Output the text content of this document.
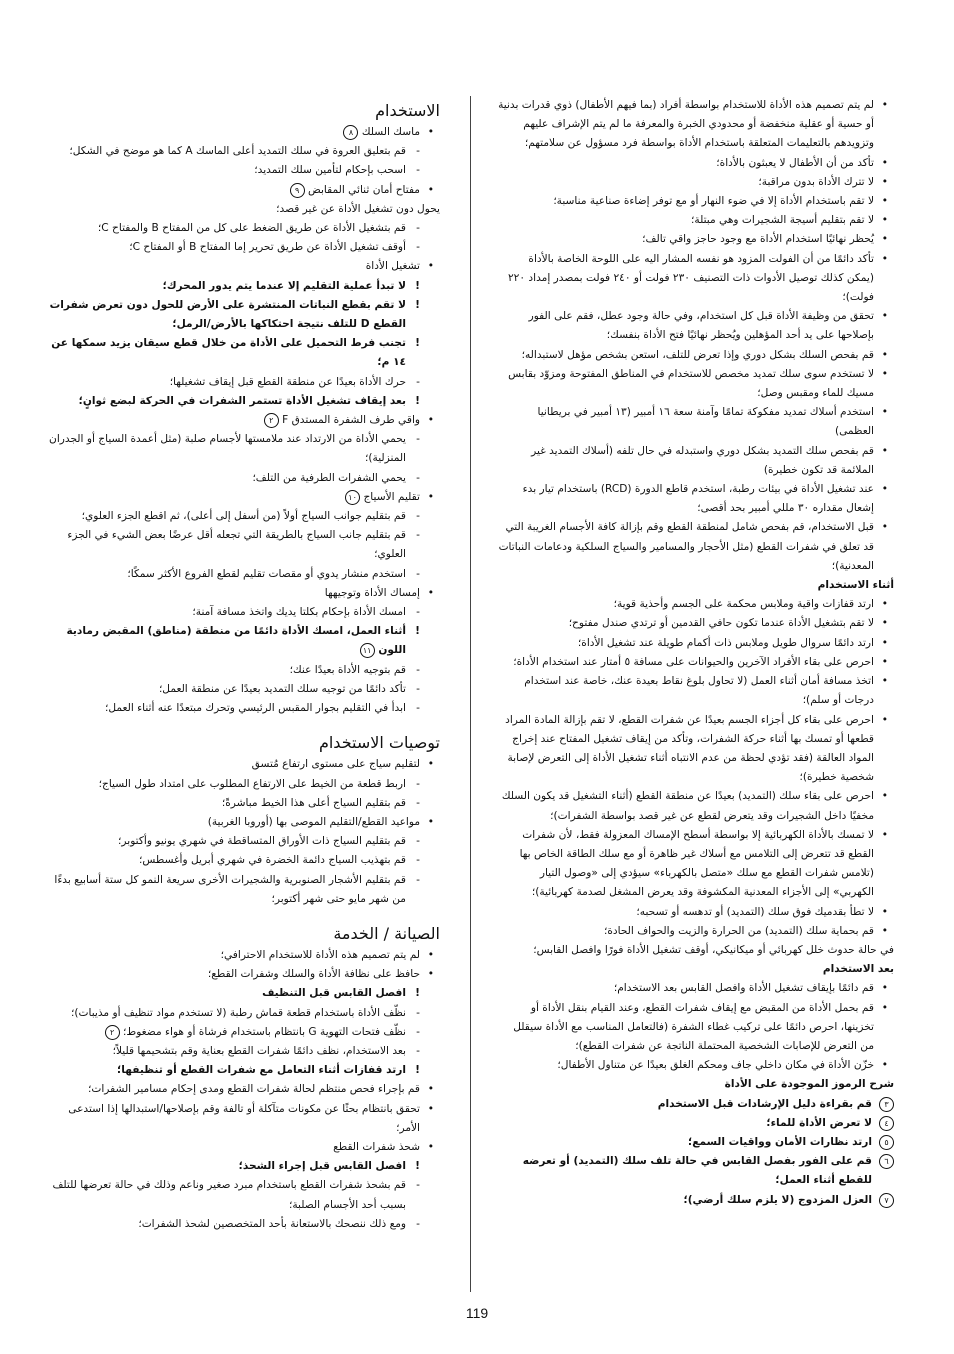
• لم يتم تصميم هذه الأداة للاستخدام بواسطة أفراد (بما فيهم الأطفال) ذوي قدرات بدنية أو حسية أو عقلية منخفضة أو محدودي الخبرة والمعرفة ما لم يتم الإشراف عليهم وتزويدهم بالتعليمات المتعلقة باستخدام الأداة بواسطة فرد مسؤول عن سلامتهم؛
• تأكد من أن الأطفال لا يعبثون بالأداة؛
• لا تترك الأداة بدون مراقبة؛
• لا تقم باستخدام الأداة إلا في ضوء النهار أو مع توفر إضاءة صناعية مناسبة؛
• لا تقم بتقليم أسيجة الشجيرات وهي مبتلة؛
• يُحظر نهائيًا استخدام الأداة مع وجود حاجز واقي تالف؛
• تأكد دائمًا من أن الفولت المزود هو نفسه المشار اليه على اللوحة الخاصة بالأداة (يمكن كذلك توصيل الأدوات ذات التصنيف ٢٣٠ فولت أو ٢٤٠ فولت بمصدر إمداد ٢٢٠ فولت)؛
• تحقق من وظيفة الأداة قبل كل استخدام، وفي حالة وجود عطل، فقم على الفور بإصلاحها على يد أحد المؤهلين ويُحظر نهائيًا فتح الأداة بنفسك؛
• قم بفحص السلك بشكل دوري وإذا تعرض للتلف، استعن بشخص مؤهل لاستبداله؛
• لا تستخدم سوى سلك تمديد مخصص للاستخدام في المناطق المفتوحة ومزوّد بقابس مسيك للماء ومقبس وصل؛
• استخدم أسلاك تمديد مفكوكة تمامًا وآمنة سعة ١٦ أمبير (١٣ أمبير في بريطانيا العظمى)
• قم بفحص سلك التمديد بشكل دوري واستبدله في حال تلفه (أسلاك التمديد غير الملائمة قد تكون خطيرة)
• عند تشغيل الأداة في بيئات رطبة، استخدم قاطع الدورة (RCD) باستخدام تيار بدء إشعال مقداره ٣٠ مللي أمبير بحد أقصى؛
• قبل الاستخدام، قم بفحص شامل لمنطقة القطع وقم بإزالة كافة الأجسام الغريبة التي قد تعلق في شفرات القطع (مثل الأحجار والمسامير والسياج السلكية ودعامات النباتات المعدنية)؛
أثناء الاستخدام
• ارتد قفازات واقية وملابس محكمة على الجسم وأحذية قوية؛
• لا تقم بتشغيل الأداة عندما تكون حافي القدمين أو ترتدي صندل مفتوح؛
• ارتد دائمًا سروال طويل وملابس ذات أكمام طويلة عند تشغيل الأداة؛
• احرص على بقاء الأفراد الآخرين والحيوانات على مسافة ٥ أمتار عند استخدام الأداة؛
• اتخذ مسافة أمان أثناء العمل (لا تحاول بلوغ نقاط بعيدة عنك، خاصة عند استخدام درجات أو سلم)؛
• احرص على بقاء كل أجزاء الجسم بعيدًا عن شفرات القطع، لا تقم بإزالة المادة المراد قطعها أو تمسك بها أثناء حركة الشفرات، وتأكد من إيقاف تشغيل المفتاح عند إخراج المواد العالقة (فقد تؤدي لحظة من عدم الانتباه أثناء تشغيل الأداة إلى التعرض لإصابة شخصية خطيرة)؛
• احرص على بقاء سلك (التمديد) بعيدًا عن منطقة القطع (أثناء التشغيل قد يكون السلك مخفيًا داخل الشجيرات وقد يتعرض لقطع عن غير قصد بواسطة الشفرات)؛
• لا تمسك بالأداة الكهربائية إلا بواسطة أسطح الإمساك المعزولة فقط، لأن شفرات القطع قد تتعرض إلى التلامس مع أسلاك غير ظاهرة أو مع سلك الطاقة الخاص بها (تلامس شفرات القطع مع سلك «متصل بالكهرباء» سيؤدي إلى «وصول التيار الكهربي» إلى الأجزاء المعدنية المكشوفة وقد يعرض المشغل لصدمة كهربائية)؛
• لا تطأ بقدميك فوق سلك (التمديد) أو تدهسه أو تسحبه؛
• قم بحماية سلك (التمديد) من الحرارة والزيت والحواف الحادة؛
في حالة حدوث خلل كهربائي أو ميكانيكي، أوقف تشغيل الأداة فورًا وافصل القابس؛
بعد الاستخدام
• قم دائمًا بإيقاف تشغيل الأداة وافصل القابس بعد الاستخدام؛
• قم بحمل الأداة من المقبض مع إيقاف شفرات القطع، وعند القيام بنقل الأداة أو تخزينها، احرص دائمًا على تركيب غطاء الشفرة (فالتعامل المناسب مع الأداة سيقلل من التعرض للإصابات الشخصية المحتملة الناتجة عن شفرات القطع)؛
• خزّن الأداة في مكان داخلي جاف ومحكم الغلق بعيدًا عن متناول الأطفال؛
شرح الرموز الموجودة على الأداة
٣
قم بقراءة دليل الإرشادات قبل الاستخدام
٤
لا تعرض الأداة للماء؛
٥
ارتد نظارات الأمان وواقيات السمع؛
٦
قم على الفور بفصل القابس في حالة تلف سلك (التمديد) أو تعرضه للقطع أثناء العمل؛
٧
العزل المزدوج (لا يلزم سلك أرضي)؛
الاستخدام
• ماسك السلك ٨
- قم بتعليق العروة في سلك التمديد أعلى الماسك A كما هو موضح في الشكل؛
- اسحب بإحكام لتأمين سلك التمديد؛
• مفتاح أمان ثنائي المقابض ٩
يحول دون تشغيل الأداة عن غير قصد؛
- قم بتشغيل الأداة عن طريق الضغط على كل من المفتاح B والمفتاح C؛
- أوقف تشغيل الأداة عن طريق تحرير إما المفتاح B أو المفتاح C؛
• تشغيل الأداة
! لا تبدأ عملية التقليم إلا عندما يتم يدور المحرك؛
! لا تقم بقطع النباتات المنتشرة على الأرض للحول دون تعرض شفرات القطع D للتلف نتيجة احتكاكها بالأرض/الرمل؛
! تجنب فرط التحميل على الأداة من خلال قطع سيقان يزيد سمكها عن ١٤ م؛
- حرك الأداة بعيدًا عن منطقة القطع قبل إيقاف تشغيلها؛
! بعد إيقاف تشغيل الأداة تستمر الشفرات في الحركة لبضع ثوانٍ؛
• واقي طرف الشفرة المستدق F ٢
- يحمي الأداة من الارتداد عند ملامستها لأجسام صلبة (مثل أعمدة السياج أو الجدران المنزلية)؛
- يحمي الشفرات الطرفية من التلف؛
• تقليم الأسياج ١٠
- قم بتقليم جوانب السياج أولاً (من أسفل إلى أعلى)، ثم اقطع الجزء العلوي؛
- قم بتقليم جانب السياج بالطريقة التي تجعله أقل عرضًا بعض الشيء في الجزء العلوي؛
- استخدم منشار يدوي أو مقصات تقليم لقطع الفروع الأكثر سمكًا؛
• إمساك الأداة وتوجيهها
- امسك الأداة بإحكام بكلتا يديك واتخذ مسافة آمنة؛
! أثناء العمل، امسك الأداة دائمًا من منطقة (مناطق) المقبض رمادية اللون ١١
- قم بتوجيه الأداة بعيدًا عنك؛
- تأكد دائمًا من توجيه سلك التمديد بعيدًا عن منطقة العمل؛
- ابدأ في التقليم بجوار المقبس الرئيسي وتحرك مبتعدًا عنه أثناء العمل؛
توصيات الاستخدام
• لتقليم سياج على مستوى ارتفاع مُتسق
- اربط قطعة من الخيط على الارتفاع المطلوب على امتداد طول السياج؛
- قم بتقليم السياج أعلى هذا الخيط مباشرةً؛
• مواعيد القطع/التقليم الموصى بها (أوروبا الغربية)
- قم بتقليم السياج ذات الأوراق المتساقطة في شهري يونيو وأكتوبر؛
- قم بتهذيب السياج دائمة الخضرة في شهري أبريل وأغسطس؛
- قم بتقليم الأشجار الصنوبرية والشجيرات الأخرى سريعة النمو كل ستة أسابيع بدءًا من شهر مايو حتى شهر أكتوبر؛
الصيانة / الخدمة
• لم يتم تصميم هذه الأداة للاستخدام الاحترافي؛
• حافظ على نظافة الأداة والسلك وشفرات القطع؛
! افصل القابس قبل التنظيف
- نظّف الأداة باستخدام قطعة قماش رطبة (لا تستخدم مواد تنظيف أو مذيبات)؛
- نظّف فتحات التهوية G بانتظام باستخدام فرشاة أو هواء مضغوط؛ ٢
- بعد الاستخدام، نظف دائمًا شفرات القطع بعناية وقم بتشحيمها قليلاً؛
! ارتد قفازات أثناء التعامل مع شفرات القطع أو تنظيفها؛
• قم بإجراء فحص منتظم لحالة شفرات القطع ومدى إحكام مسامير الشفرات؛
• تحقق بانتظام بحثًا عن مكونات متآكلة أو تالفة وقم بإصلاحها/استبدالها إذا استدعى الأمر؛
• شحذ شفرات القطع
! افصل القابس قبل إجراء الشحذ؛
- قم بشحذ شفرات القطع باستخدام مبرد صغير وناعم وذلك في حالة تعرضها للتلف بسبب أحد الأجسام الصلبة؛
- ومع ذلك ننصحك بالاستعانة بأحد المتخصصين لشحذ الشفرات؛
119
